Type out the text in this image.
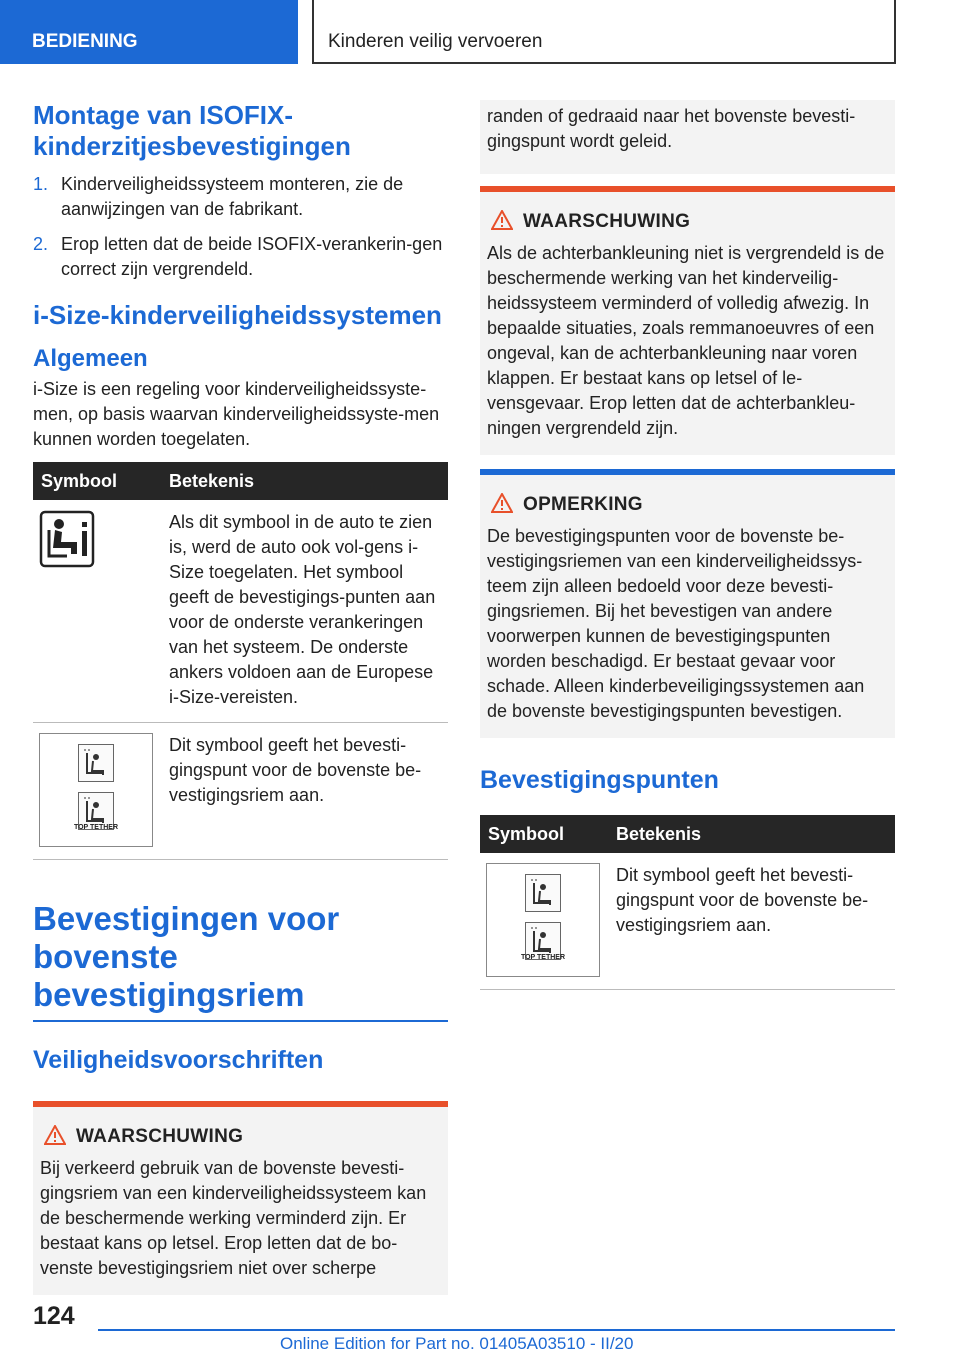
BEDIENING	Kinderen veilig vervoeren
Montage van ISOFIX-kinderzitjesbevestigingen
1. Kinderveiligheidssysteem monteren, zie de aanwijzingen van de fabrikant.
2. Erop letten dat de beide ISOFIX-verankerin-gen correct zijn vergrendeld.
i-Size-kinderveiligheidssystemen
Algemeen

i-Size is een regeling voor kinderveiligheidssyste-men, op basis waarvan kinderveiligheidssyste-men kunnen worden toegelaten.

Symbool	Betekenis
	Als dit symbool in de auto te zien is, werd de auto ook vol-gens i-Size toegelaten. Het symbool geeft de bevestigings-punten aan voor de onderste verankeringen van het systeem. De onderste ankers voldoen aan de Europese i-Size-vereisten.

TOP TETHER	Dit symbool geeft het bevesti-gingspunt voor de bovenste be-vestigingsriem aan.
Bevestigingen voor bovenste bevestigingsriem
Veiligheidsvoorschriften
WAARSCHUWING

Bij verkeerd gebruik van de bovenste bevesti-gingsriem van een kinderveiligheidssysteem kan de beschermende werking verminderd zijn. Er bestaat kans op letsel. Erop letten dat de bo-venste bevestigingsriem niet over scherpe

randen of gedraaid naar het bovenste bevesti-gingspunt wordt geleid.

WAARSCHUWING

Als de achterbankleuning niet is vergrendeld is de beschermende werking van het kinderveilig-heidssysteem verminderd of volledig afwezig. In bepaalde situaties, zoals remmanoeuvres of een ongeval, kan de achterbankleuning naar voren klappen. Er bestaat kans op letsel of le-vensgevaar. Erop letten dat de achterbankleu-ningen vergrendeld zijn.

OPMERKING

De bevestigingspunten voor de bovenste be-vestigingsriemen van een kinderveiligheidssys-teem zijn alleen bedoeld voor deze bevesti-gingsriemen. Bij het bevestigen van andere voorwerpen kunnen de bevestigingspunten worden beschadigd. Er bestaat gevaar voor schade. Alleen kinderbeveiligingssystemen aan de bovenste bevestigingspunten bevestigen.

Bevestigingspunten
Symbool	Betekenis

TOP TETHER	Dit symbool geeft het bevesti-gingspunt voor de bovenste be-vestigingsriem aan.
124
Online Edition for Part no. 01405A03510 - II/20
